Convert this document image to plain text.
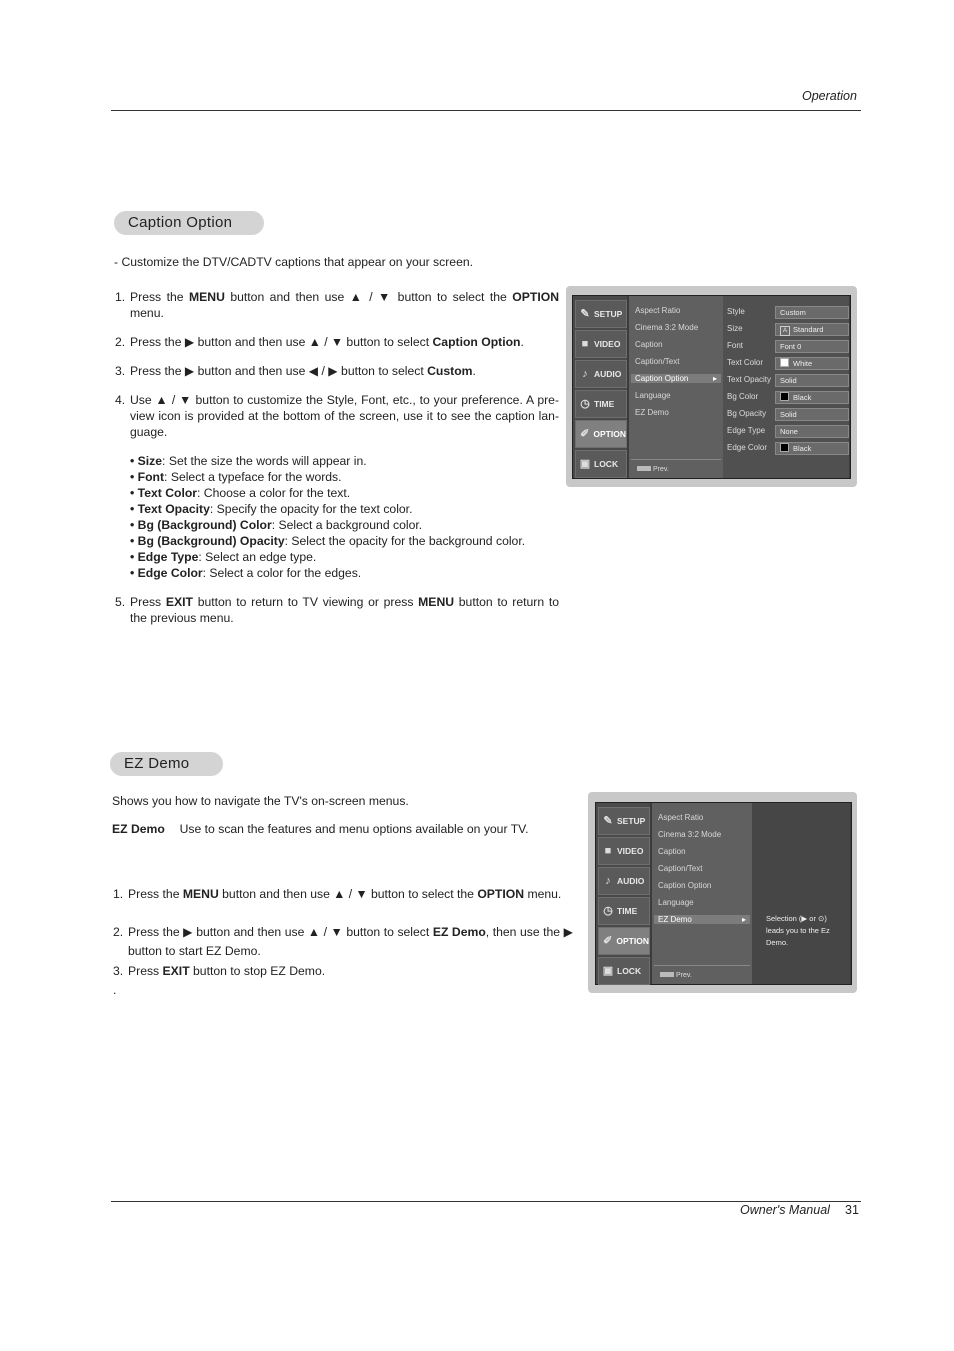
Operation
Caption Option
- Customize the DTV/CADTV captions that appear on your screen.
1. Press the MENU button and then use ▲ / ▼ button to select the OPTION menu.
2. Press the ▶ button and then use ▲ / ▼ button to select Caption Option.
3. Press the ▶ button and then use ◀ / ▶ button to select Custom.
4. Use ▲ / ▼ button to customize the Style, Font, etc., to your preference. A pre-view icon is provided at the bottom of the screen, use it to see the caption lan-guage.
5. Press EXIT button to return to TV viewing or press MENU button to return to the previous menu.
• Size: Set the size the words will appear in.
• Font: Select a typeface for the words.
• Text Color: Choose a color for the text.
• Text Opacity: Specify the opacity for the text color.
• Bg (Background) Color: Select a background color.
• Bg (Background) Opacity: Select the opacity for the background color.
• Edge Type: Select an edge type.
• Edge Color: Select a color for the edges.
✎ SETUP
■ VIDEO
♪ AUDIO
◷ TIME
✐ OPTION
▣ LOCK
Aspect Ratio
Cinema 3:2 Mode
Caption
Caption/Text
Caption Option	▸
Language
EZ Demo
Prev.
Style	Custom
Size	A Standard
Font	Font 0
Text Color	White
Text Opacity	Solid
Bg Color	Black
Bg Opacity	Solid
Edge Type	None
Edge Color	Black
EZ Demo
Shows you how to navigate the TV's on-screen menus.
EZ Demo Use to scan the features and menu options available on your TV.
1. Press the MENU button and then use ▲ / ▼ button to select the OPTION menu.
2. Press the ▶ button and then use ▲ / ▼ button to select EZ Demo, then use the ▶ button to start EZ Demo.
3. Press EXIT button to stop EZ Demo.
.
✎ SETUP
■ VIDEO
♪ AUDIO
◷ TIME
✐ OPTION
▣ LOCK
Aspect Ratio
Cinema 3:2 Mode
Caption
Caption/Text
Caption Option
Language
EZ Demo	▸
Prev.
Selection (▶ or ⊙) leads you to the Ez Demo.
Owner's Manual 31
